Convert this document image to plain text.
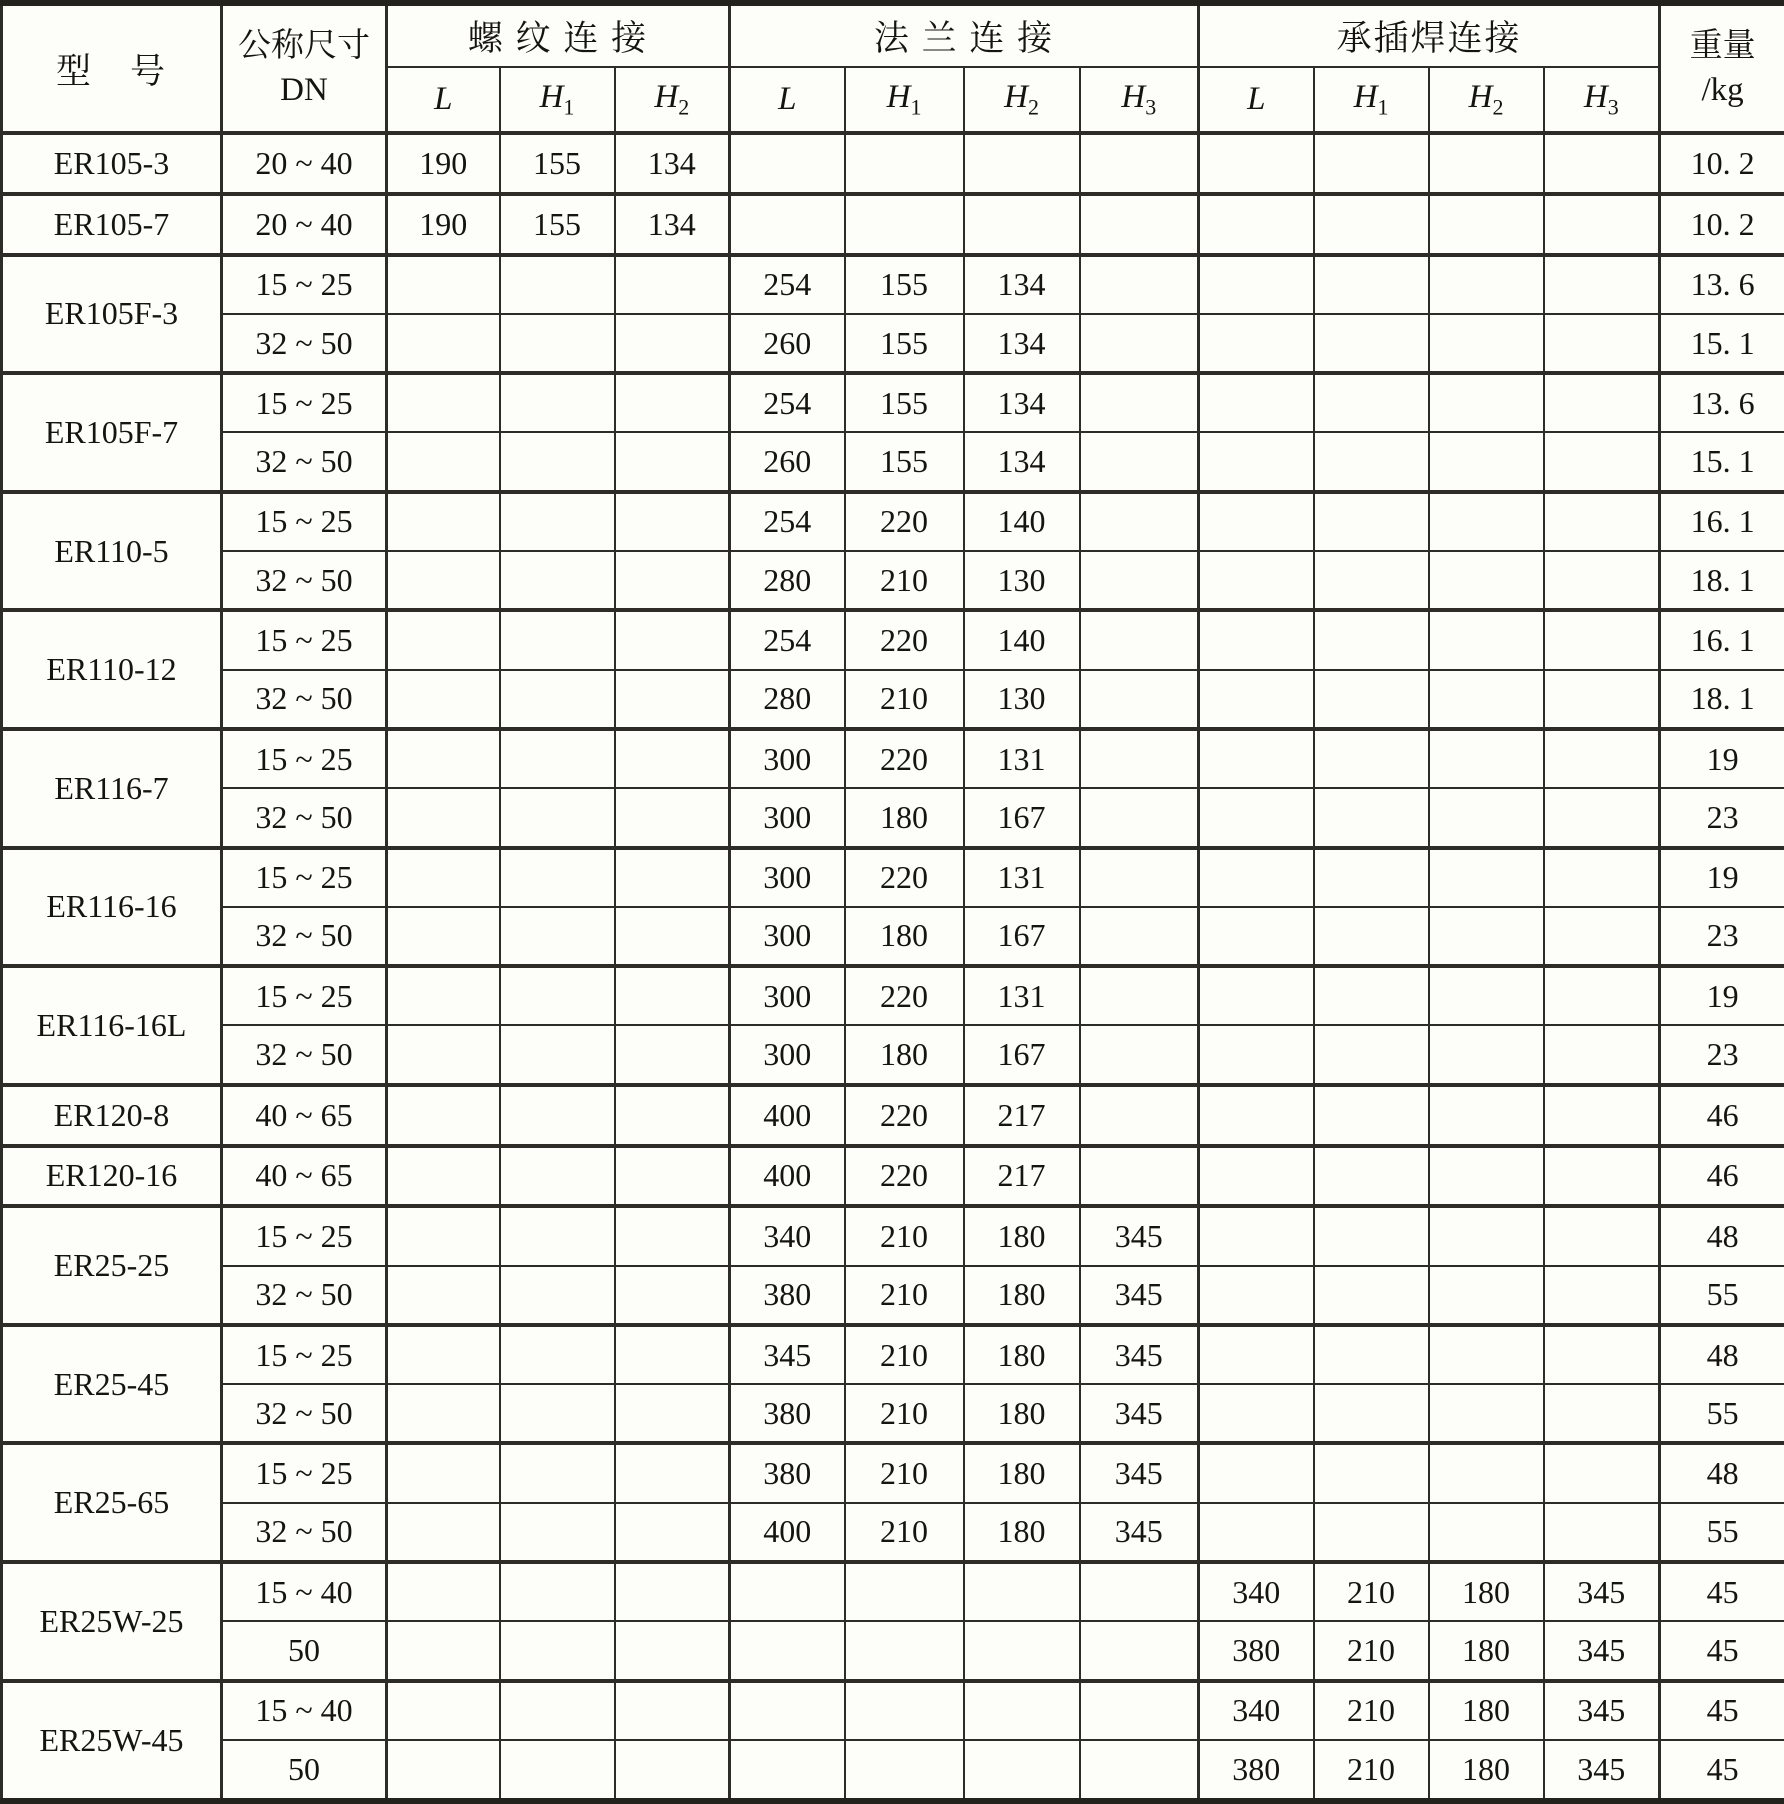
型　号	公称尺寸
DN	螺 纹 连 接			法 兰 连 接				承插焊连接				重量
/kg

		L	$H_1$	$H_2$	L	$H_1$	$H_2$	$H_3$	L	$H_1$	$H_2$	$H_3$
ER105-3	20 ~ 40	190	155	134									10. 2
ER105-7	20 ~ 40	190	155	134									10. 2
ER105F-3	15 ~ 25				254	155	134						13. 6
	32 ~ 50				260	155	134						15. 1
ER105F-7	15 ~ 25				254	155	134						13. 6
	32 ~ 50				260	155	134						15. 1
ER110-5	15 ~ 25				254	220	140						16. 1
	32 ~ 50				280	210	130						18. 1
ER110-12	15 ~ 25				254	220	140						16. 1
	32 ~ 50				280	210	130						18. 1
ER116-7	15 ~ 25				300	220	131						19
	32 ~ 50				300	180	167						23
ER116-16	15 ~ 25				300	220	131						19
	32 ~ 50				300	180	167						23
ER116-16L	15 ~ 25				300	220	131						19
	32 ~ 50				300	180	167						23
ER120-8	40 ~ 65				400	220	217						46
ER120-16	40 ~ 65				400	220	217						46
ER25-25	15 ~ 25				340	210	180	345					48
	32 ~ 50				380	210	180	345					55
ER25-45	15 ~ 25				345	210	180	345					48
	32 ~ 50				380	210	180	345					55
ER25-65	15 ~ 25				380	210	180	345					48
	32 ~ 50				400	210	180	345					55
ER25W-25	15 ~ 40								340	210	180	345	45
	50								380	210	180	345	45
ER25W-45	15 ~ 40								340	210	180	345	45
	50								380	210	180	345	45
